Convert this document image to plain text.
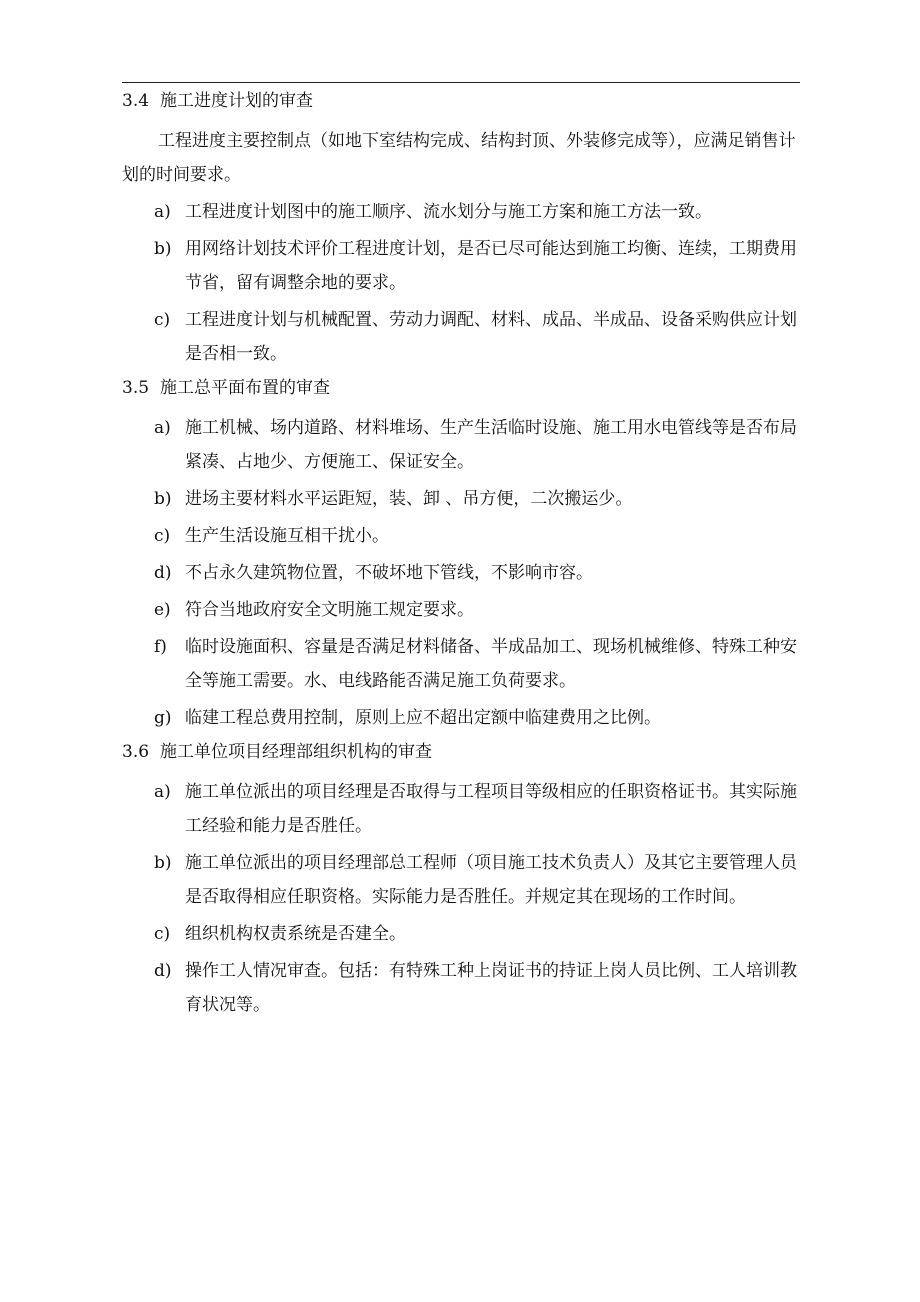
3.4 施工进度计划的审查
工程进度主要控制点（如地下室结构完成、结构封顶、外装修完成等），应满足销售计划的时间要求。
a) 工程进度计划图中的施工顺序、流水划分与施工方案和施工方法一致。
b) 用网络计划技术评价工程进度计划，是否已尽可能达到施工均衡、连续，工期费用节省，留有调整余地的要求。
c) 工程进度计划与机械配置、劳动力调配、材料、成品、半成品、设备采购供应计划是否相一致。
3.5 施工总平面布置的审查
a) 施工机械、场内道路、材料堆场、生产生活临时设施、施工用水电管线等是否布局紧凑、占地少、方便施工、保证安全。
b) 进场主要材料水平运距短，装、卸 、吊方便，二次搬运少。
c) 生产生活设施互相干扰小。
d) 不占永久建筑物位置，不破坏地下管线，不影响市容。
e) 符合当地政府安全文明施工规定要求。
f)	临时设施面积、容量是否满足材料储备、半成品加工、现场机械维修、特殊工种安全等施工需要。水、电线路能否满足施工负荷要求。
g) 临建工程总费用控制，原则上应不超出定额中临建费用之比例。
3.6 施工单位项目经理部组织机构的审查
a) 施工单位派出的项目经理是否取得与工程项目等级相应的任职资格证书。其实际施工经验和能力是否胜任。
b) 施工单位派出的项目经理部总工程师（项目施工技术负责人）及其它主要管理人员是否取得相应任职资格。实际能力是否胜任。并规定其在现场的工作时间。
c) 组织机构权责系统是否建全。
d) 操作工人情况审查。包括：有特殊工种上岗证书的持证上岗人员比例、工人培训教育状况等。
